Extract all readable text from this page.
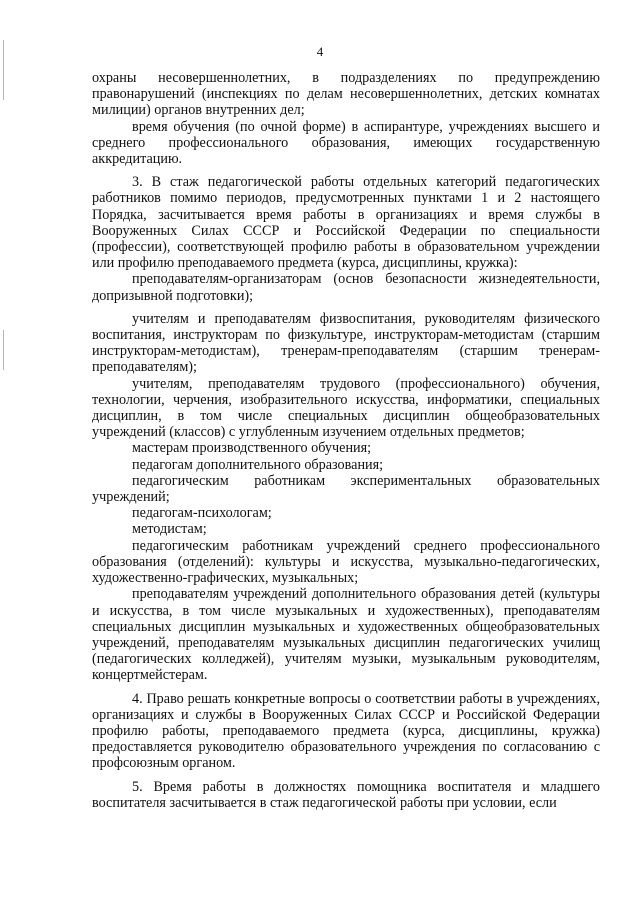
4

охраны несовершеннолетних, в подразделениях по предупреждению правонарушений (инспекциях по делам несовершеннолетних, детских комнатах милиции) органов внутренних дел;

время обучения (по очной форме) в аспирантуре, учреждениях высшего и среднего профессионального образования, имеющих государственную аккредитацию.

3. В стаж педагогической работы отдельных категорий педагогических работников помимо периодов, предусмотренных пунктами 1 и 2 настоящего Порядка, засчитывается время работы в организациях и время службы в Вооруженных Силах СССР и Российской Федерации по специальности (профессии), соответствующей профилю работы в образовательном учреждении или профилю преподаваемого предмета (курса, дисциплины, кружка):

преподавателям-организаторам (основ безопасности жизнедеятельности, допризывной подготовки);

учителям и преподавателям физвоспитания, руководителям физического воспитания, инструкторам по физкультуре, инструкторам-методистам (старшим инструкторам-методистам), тренерам-преподавателям (старшим тренерам-преподавателям);

учителям, преподавателям трудового (профессионального) обучения, технологии, черчения, изобразительного искусства, информатики, специальных дисциплин, в том числе специальных дисциплин общеобразовательных учреждений (классов) с углубленным изучением отдельных предметов;

мастерам производственного обучения;

педагогам дополнительного образования;

педагогическим работникам экспериментальных образовательных учреждений;

педагогам-психологам;

методистам;

педагогическим работникам учреждений среднего профессионального образования (отделений): культуры и искусства, музыкально-педагогических, художественно-графических, музыкальных;

преподавателям учреждений дополнительного образования детей (культуры и искусства, в том числе музыкальных и художественных), преподавателям специальных дисциплин музыкальных и художественных общеобразовательных учреждений, преподавателям музыкальных дисциплин педагогических училищ (педагогических колледжей), учителям музыки, музыкальным руководителям, концертмейстерам.

4. Право решать конкретные вопросы о соответствии работы в учреждениях, организациях и службы в Вооруженных Силах СССР и Российской Федерации профилю работы, преподаваемого предмета (курса, дисциплины, кружка) предоставляется руководителю образовательного учреждения по согласованию с профсоюзным органом.

5. Время работы в должностях помощника воспитателя и младшего воспитателя засчитывается в стаж педагогической работы при условии, если
